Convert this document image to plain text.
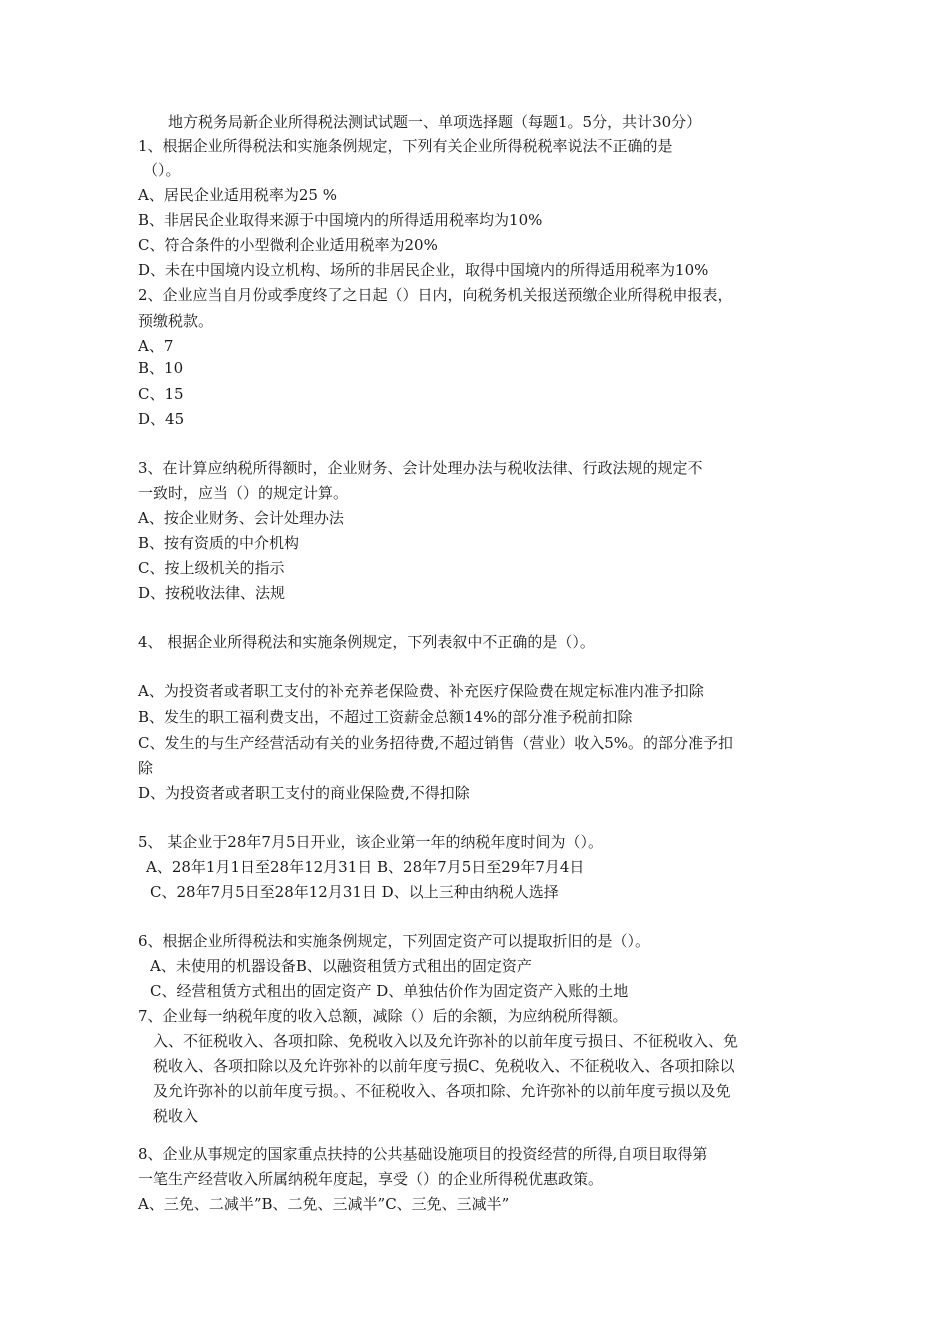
地方税务局新企业所得税法测试试题一、单项选择题（每题1。5分，共计30分）
1、根据企业所得税法和实施条例规定，下列有关企业所得税税率说法不正确的是
（）。
A、居民企业适用税率为25 %
B、非居民企业取得来源于中国境内的所得适用税率均为10%
C、符合条件的小型微利企业适用税率为20%
D、未在中国境内设立机构、场所的非居民企业，取得中国境内的所得适用税率为10%
2、企业应当自月份或季度终了之日起（）日内，向税务机关报送预缴企业所得税申报表，
预缴税款。
A、7
B、10
C、15
D、45
3、在计算应纳税所得额时，企业财务、会计处理办法与税收法律、行政法规的规定不
一致时，应当（）的规定计算。
A、按企业财务、会计处理办法
B、按有资质的中介机构
C、按上级机关的指示
D、按税收法律、法规
4、 根据企业所得税法和实施条例规定，下列表叙中不正确的是（）。
A、为投资者或者职工支付的补充养老保险费、补充医疗保险费在规定标准内准予扣除
B、发生的职工福利费支出，不超过工资薪金总额14%的部分准予税前扣除
C、发生的与生产经营活动有关的业务招待费,不超过销售（营业）收入5%。的部分准予扣
除
D、为投资者或者职工支付的商业保险费,不得扣除
5、 某企业于28年7月5日开业，该企业第一年的纳税年度时间为（）。
A、28年1月1日至28年12月31日 B、28年7月5日至29年7月4日
C、28年7月5日至28年12月31日 D、以上三种由纳税人选择
6、根据企业所得税法和实施条例规定，下列固定资产可以提取折旧的是（）。
A、未使用的机器设备B、以融资租赁方式租出的固定资产
C、经营租赁方式租出的固定资产 D、单独估价作为固定资产入账的土地
7、企业每一纳税年度的收入总额，减除（）后的余额，为应纳税所得额。
入、不征税收入、各项扣除、免税收入以及允许弥补的以前年度亏损日、不征税收入、免
税收入、各项扣除以及允许弥补的以前年度亏损C、免税收入、不征税收入、各项扣除以
及允许弥补的以前年度亏损。、不征税收入、各项扣除、允许弥补的以前年度亏损以及免
税收入
8、企业从事规定的国家重点扶持的公共基础设施项目的投资经营的所得,自项目取得第
一笔生产经营收入所属纳税年度起，享受（）的企业所得税优惠政策。
A、三免、二减半”B、二免、三减半”C、三免、三减半”
